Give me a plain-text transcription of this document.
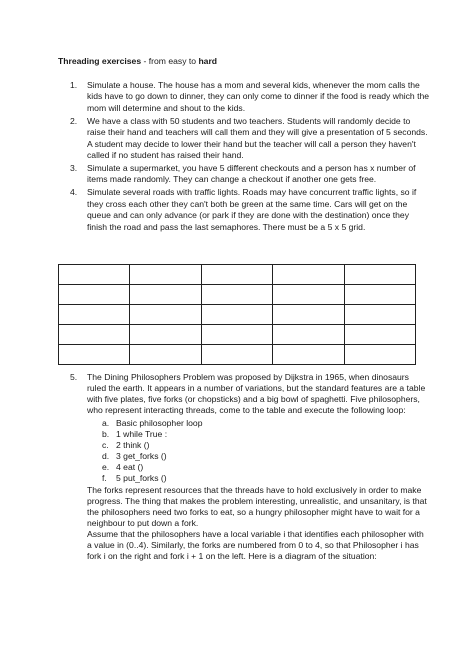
Threading exercises - from easy to hard
1.	Simulate a house. The house has a mom and several kids, whenever the mom calls the kids have to go down to dinner, they can only come to dinner if the food is ready which the mom will determine and shout to the kids.
2.	We have a class with 50 students and two teachers. Students will randomly decide to raise their hand and teachers will call them and they will give a presentation of 5 seconds. A student may decide to lower their hand but the teacher will call a person they haven't called if no student has raised their hand.
3.	Simulate a supermarket, you have 5 different checkouts and a person has x number of items made randomly. They can change a checkout if another one gets free.
4.	Simulate several roads with traffic lights. Roads may have concurrent traffic lights, so if they cross each other they can't both be green at the same time. Cars will get on the queue and can only advance (or park if they are done with the destination) once they finish the road and pass the last semaphores. There must be a 5 x 5 grid.

5.	The Dining Philosophers Problem was proposed by Dijkstra in 1965, when dinosaurs ruled the earth. It appears in a number of variations, but the standard features are a table with five plates, five forks (or chopsticks) and a big bowl of spaghetti. Five philosophers, who represent interacting threads, come to the table and execute the following loop:
a. Basic philosopher loop
b. 1 while True :
c. 2 think ()
d. 3 get_forks ()
e. 4 eat ()
f.	5 put_forks ()
The forks represent resources that the threads have to hold exclusively in order to make progress. The thing that makes the problem interesting, unrealistic, and unsanitary, is that the philosophers need two forks to eat, so a hungry philosopher might have to wait for a neighbour to put down a fork.
Assume that the philosophers have a local variable i that identifies each philosopher with a value in (0..4). Similarly, the forks are numbered from 0 to 4, so that Philosopher i has fork i on the right and fork i + 1 on the left. Here is a diagram of the situation:
